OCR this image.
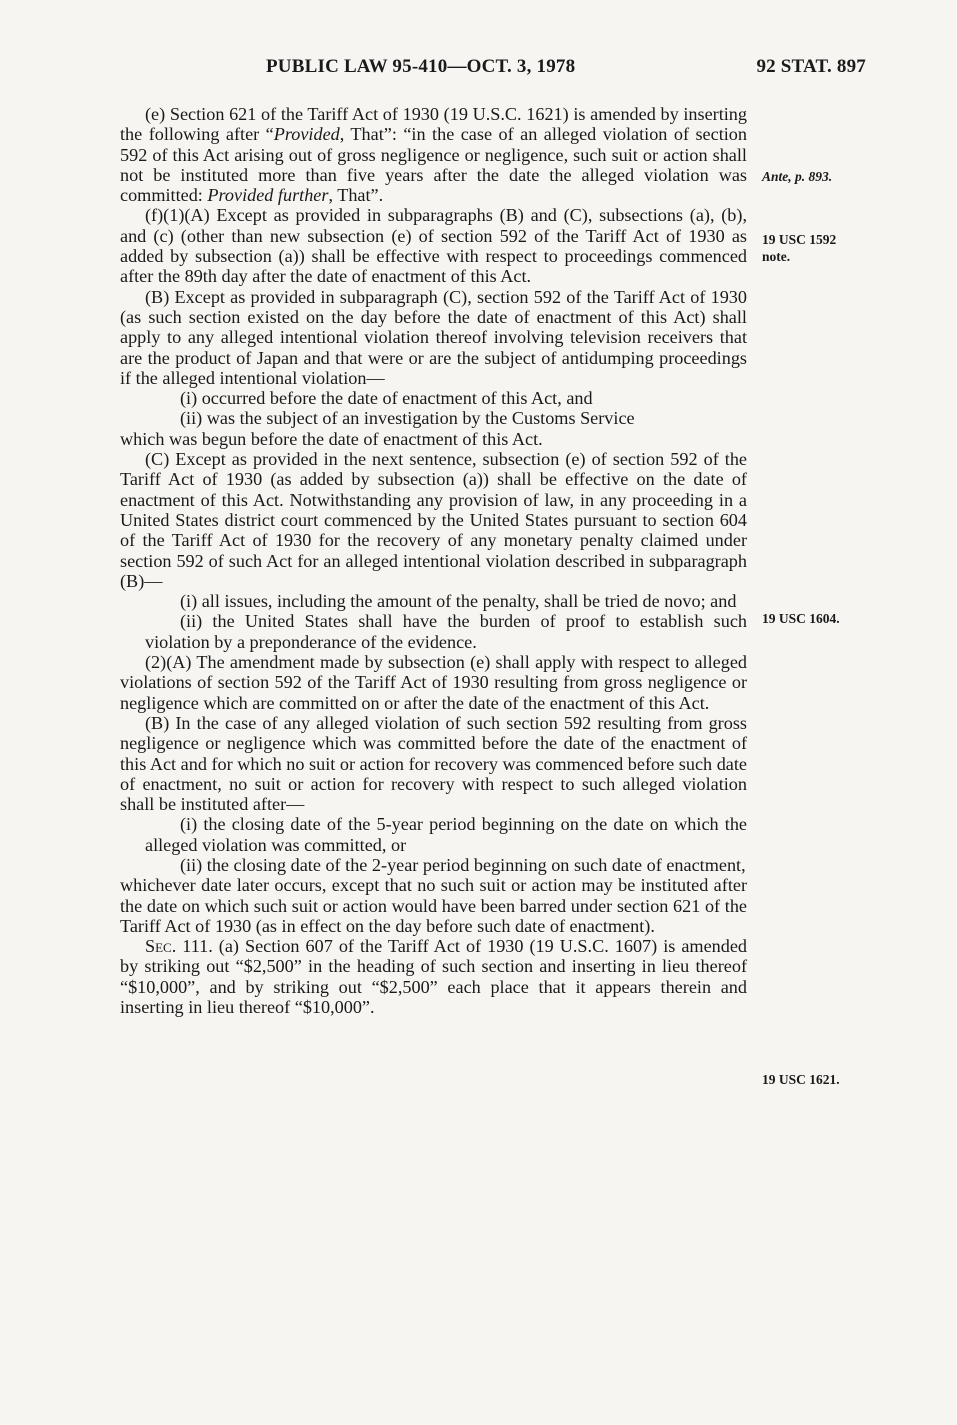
PUBLIC LAW 95-410—OCT. 3, 1978	92 STAT. 897

(e) Section 621 of the Tariff Act of 1930 (19 U.S.C. 1621) is amended by inserting the following after “Provided, That”: “in the case of an alleged violation of section 592 of this Act arising out of gross negligence or negligence, such suit or action shall not be instituted more than five years after the date the alleged violation was committed: Provided further, That”.

(f)(1)(A) Except as provided in subparagraphs (B) and (C), subsections (a), (b), and (c) (other than new subsection (e) of section 592 of the Tariff Act of 1930 as added by subsection (a)) shall be effective with respect to proceedings commenced after the 89th day after the date of enactment of this Act.

(B) Except as provided in subparagraph (C), section 592 of the Tariff Act of 1930 (as such section existed on the day before the date of enactment of this Act) shall apply to any alleged intentional violation thereof involving television receivers that are the product of Japan and that were or are the subject of antidumping proceedings if the alleged intentional violation—

(i) occurred before the date of enactment of this Act, and

(ii) was the subject of an investigation by the Customs Service

which was begun before the date of enactment of this Act.

(C) Except as provided in the next sentence, subsection (e) of section 592 of the Tariff Act of 1930 (as added by subsection (a)) shall be effective on the date of enactment of this Act. Notwithstanding any provision of law, in any proceeding in a United States district court commenced by the United States pursuant to section 604 of the Tariff Act of 1930 for the recovery of any monetary penalty claimed under section 592 of such Act for an alleged intentional violation described in subparagraph (B)—

(i) all issues, including the amount of the penalty, shall be tried de novo; and

(ii) the United States shall have the burden of proof to establish such violation by a preponderance of the evidence.

(2)(A) The amendment made by subsection (e) shall apply with respect to alleged violations of section 592 of the Tariff Act of 1930 resulting from gross negligence or negligence which are committed on or after the date of the enactment of this Act.

(B) In the case of any alleged violation of such section 592 resulting from gross negligence or negligence which was committed before the date of the enactment of this Act and for which no suit or action for recovery was commenced before such date of enactment, no suit or action for recovery with respect to such alleged violation shall be instituted after—

(i) the closing date of the 5-year period beginning on the date on which the alleged violation was committed, or

(ii) the closing date of the 2-year period beginning on such date of enactment,

whichever date later occurs, except that no such suit or action may be instituted after the date on which such suit or action would have been barred under section 621 of the Tariff Act of 1930 (as in effect on the day before such date of enactment).

Sec. 111. (a) Section 607 of the Tariff Act of 1930 (19 U.S.C. 1607) is amended by striking out “$2,500” in the heading of such section and inserting in lieu thereof “$10,000”, and by striking out “$2,500” each place that it appears therein and inserting in lieu thereof “$10,000”.

Ante, p. 893.
19 USC 1592
note.
19 USC 1604.
19 USC 1621.
